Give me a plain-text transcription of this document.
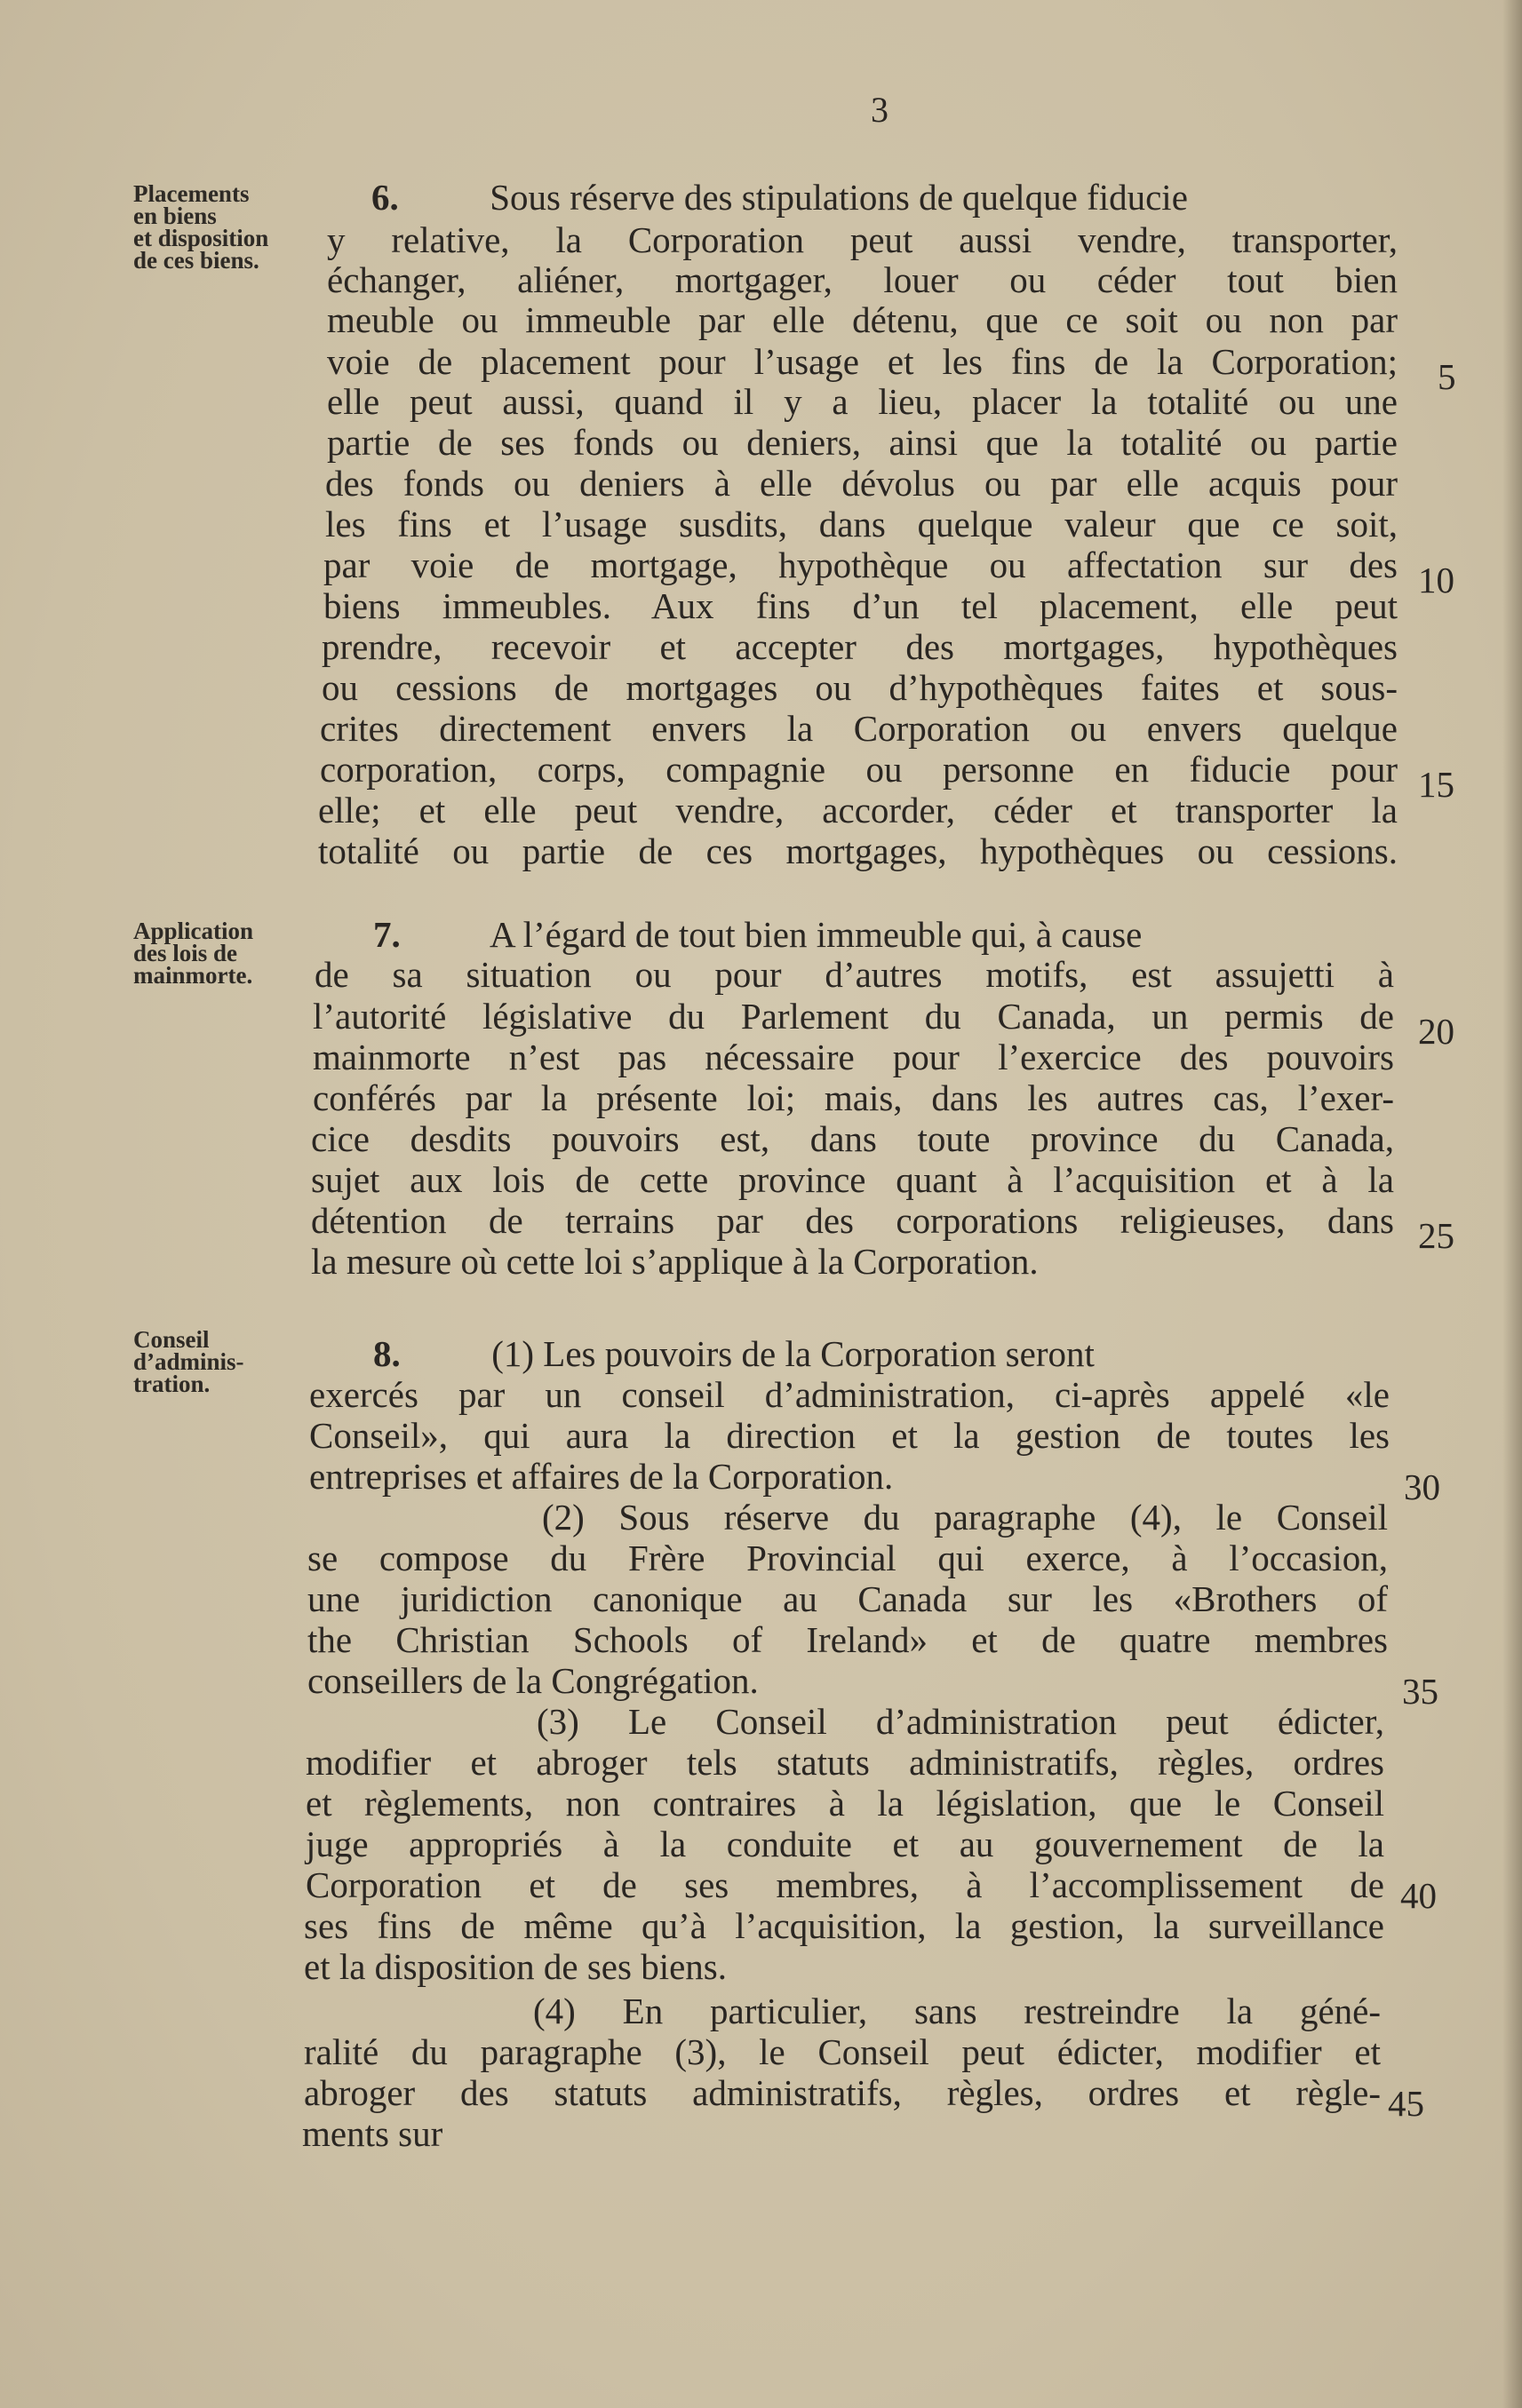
3
Placements
en biens
et disposition
de ces biens.
Application
des lois de
mainmorte.
Conseil
d’adminis-
tration.
6.          Sous réserve des stipulations de quelque fiducie
y relative, la Corporation peut aussi vendre, transporter,
échanger, aliéner, mortgager, louer ou céder tout bien
meuble ou immeuble par elle détenu, que ce soit ou non par
voie de placement pour l’usage et les fins de la Corporation;
elle peut aussi, quand il y a lieu, placer la totalité ou une
partie de ses fonds ou deniers, ainsi que la totalité ou partie
des fonds ou deniers à elle dévolus ou par elle acquis pour
les fins et l’usage susdits, dans quelque valeur que ce soit,
par voie de mortgage, hypothèque ou affectation sur des
biens immeubles. Aux fins d’un tel placement, elle peut
prendre, recevoir et accepter des mortgages, hypothèques
ou cessions de mortgages ou d’hypothèques faites et sous-
crites directement envers la Corporation ou envers quelque
corporation, corps, compagnie ou personne en fiducie pour
elle; et elle peut vendre, accorder, céder et transporter la
totalité ou partie de ces mortgages, hypothèques ou cessions.
7.          A l’égard de tout bien immeuble qui, à cause
de sa situation ou pour d’autres motifs, est assujetti à
l’autorité législative du Parlement du Canada, un permis de
mainmorte n’est pas nécessaire pour l’exercice des pouvoirs
conférés par la présente loi; mais, dans les autres cas, l’exer-
cice desdits pouvoirs est, dans toute province du Canada,
sujet aux lois de cette province quant à l’acquisition et à la
détention de terrains par des corporations religieuses, dans
la mesure où cette loi s’applique à la Corporation.
8.          (1) Les pouvoirs de la Corporation seront
exercés par un conseil d’administration, ci-après appelé «le
Conseil», qui aura la direction et la gestion de toutes les
entreprises et affaires de la Corporation.
(2) Sous réserve du paragraphe (4), le Conseil
se compose du Frère Provincial qui exerce, à l’occasion,
une juridiction canonique au Canada sur les «Brothers of
the Christian Schools of Ireland» et de quatre membres
conseillers de la Congrégation.
(3) Le Conseil d’administration peut édicter,
modifier et abroger tels statuts administratifs, règles, ordres
et règlements, non contraires à la législation, que le Conseil
juge appropriés à la conduite et au gouvernement de la
Corporation et de ses membres, à l’accomplissement de
ses fins de même qu’à l’acquisition, la gestion, la surveillance
et la disposition de ses biens.
(4) En particulier, sans restreindre la géné-
ralité du paragraphe (3), le Conseil peut édicter, modifier et
abroger des statuts administratifs, règles, ordres et règle-
ments sur
5
10
15
20
25
30
35
40
45
